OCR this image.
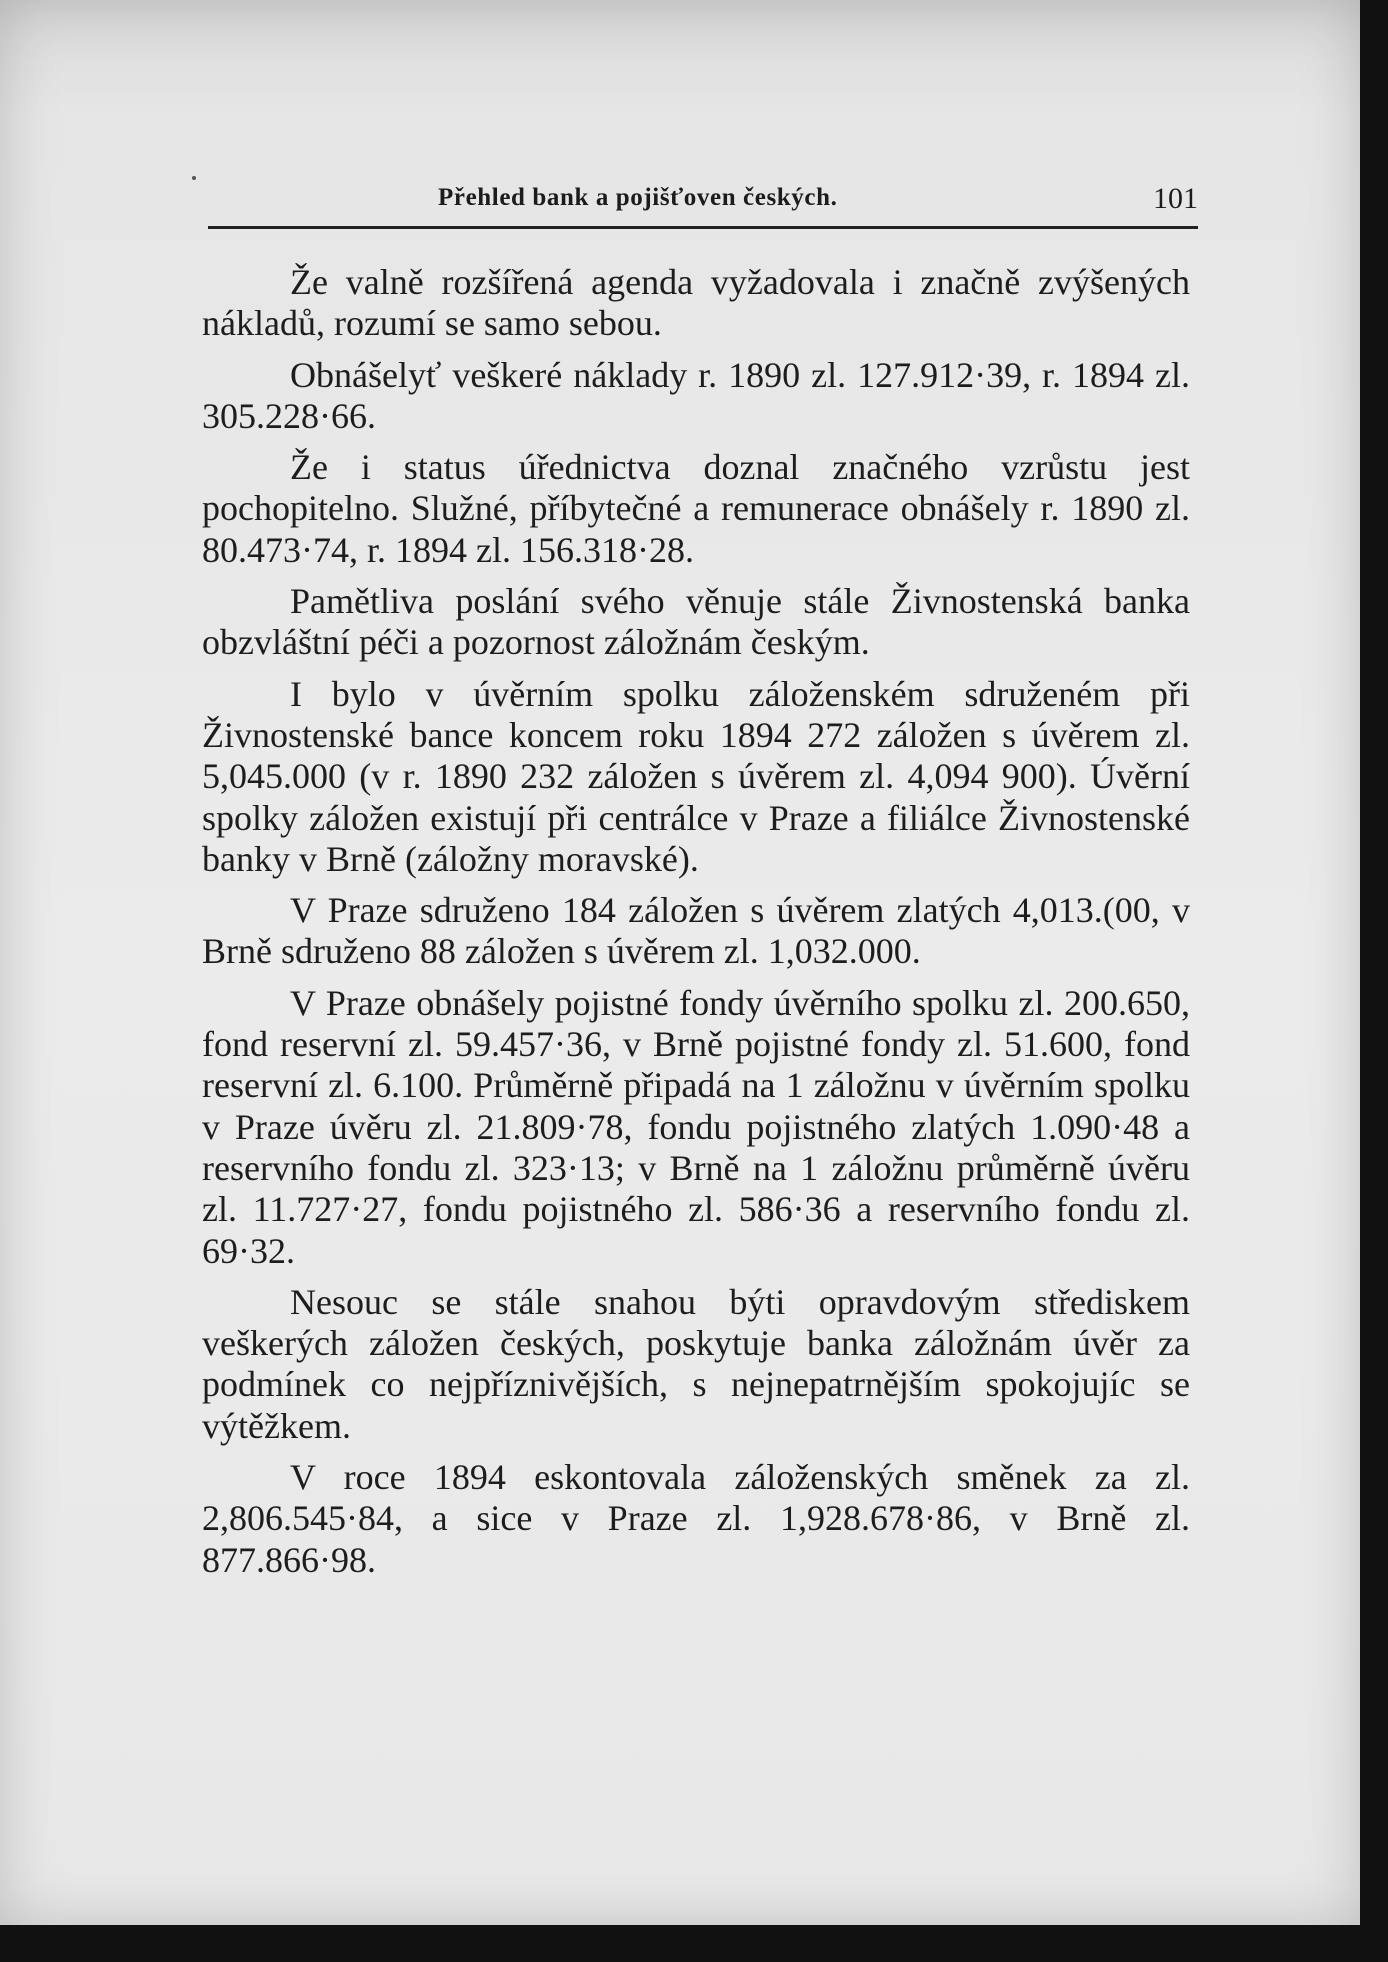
Přehled bank a pojišťoven českých.	101

Že valně rozšířená agenda vyžadovala i značně zvýšených nákladů, rozumí se samo sebou.

Obnášelyť veškeré náklady r. 1890 zl. 127.912·39, r. 1894 zl. 305.228·66.

Že i status úřednictva doznal značného vzrůstu jest pochopitelno. Služné, příbytečné a remunerace obnášely r. 1890 zl. 80.473·74, r. 1894 zl. 156.318·28.

Pamětliva poslání svého věnuje stále Živnostenská banka obzvláštní péči a pozornost záložnám českým.

I bylo v úvěrním spolku záloženském sdruženém při Živnostenské bance koncem roku 1894 272 záložen s úvěrem zl. 5,045.000 (v r. 1890 232 záložen s úvěrem zl. 4,094 900). Úvěrní spolky záložen existují při centrálce v Praze a filiálce Živnostenské banky v Brně (záložny moravské).

V Praze sdruženo 184 záložen s úvěrem zlatých 4,013.(00, v Brně sdruženo 88 záložen s úvěrem zl. 1,032.000.

V Praze obnášely pojistné fondy úvěrního spolku zl. 200.650, fond reservní zl. 59.457·36, v Brně pojistné fondy zl. 51.600, fond reservní zl. 6.100. Průměrně připadá na 1 záložnu v úvěrním spolku v Praze úvěru zl. 21.809·78, fondu pojistného zlatých 1.090·48 a reservního fondu zl. 323·13; v Brně na 1 záložnu průměrně úvěru zl. 11.727·27, fondu pojistného zl. 586·36 a reservního fondu zl. 69·32.

Nesouc se stále snahou býti opravdovým střediskem veškerých záložen českých, poskytuje banka záložnám úvěr za podmínek co nejpříznivějších, s nejnepatrnějším spokojujíc se výtěžkem.

V roce 1894 eskontovala záloženských směnek za zl. 2,806.545·84, a sice v Praze zl. 1,928.678·86, v Brně zl. 877.866·98.
